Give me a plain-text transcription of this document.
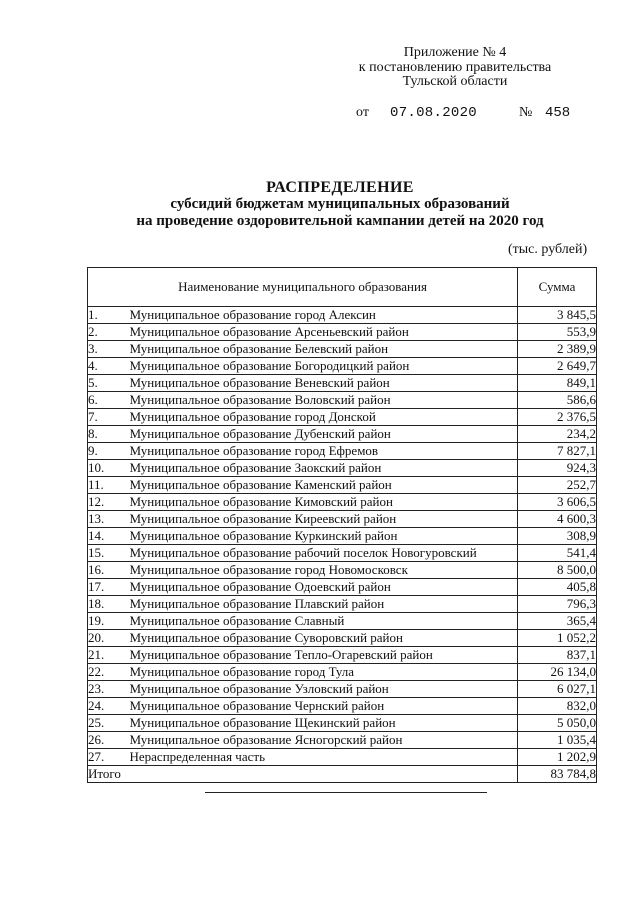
Приложение № 4
к постановлению правительства
Тульской области
от 07.08.2020	№ 458
РАСПРЕДЕЛЕНИЕ
субсидий бюджетам муниципальных образований
на проведение оздоровительной кампании детей на 2020 год
(тыс. рублей)
Наименование муниципального образования		Сумма
1.	Муниципальное образование город Алексин	3 845,5
2.	Муниципальное образование Арсеньевский район	553,9
3.	Муниципальное образование Белевский район	2 389,9
4.	Муниципальное образование Богородицкий район	2 649,7
5.	Муниципальное образование Веневский район	849,1
6.	Муниципальное образование Воловский район	586,6
7.	Муниципальное образование город Донской	2 376,5
8.	Муниципальное образование Дубенский район	234,2
9.	Муниципальное образование город Ефремов	7 827,1
10.	Муниципальное образование Заокский район	924,3
11.	Муниципальное образование Каменский район	252,7
12.	Муниципальное образование Кимовский район	3 606,5
13.	Муниципальное образование Киреевский район	4 600,3
14.	Муниципальное образование Куркинский район	308,9
15.	Муниципальное образование рабочий поселок Новогуровский	541,4
16.	Муниципальное образование город Новомосковск	8 500,0
17.	Муниципальное образование Одоевский район	405,8
18.	Муниципальное образование Плавский район	796,3
19.	Муниципальное образование Славный	365,4
20.	Муниципальное образование Суворовский район	1 052,2
21.	Муниципальное образование Тепло-Огаревский район	837,1
22.	Муниципальное образование город Тула	26 134,0
23.	Муниципальное образование Узловский район	6 027,1
24.	Муниципальное образование Чернский район	832,0
25.	Муниципальное образование Щекинский район	5 050,0
26.	Муниципальное образование Ясногорский район	1 035,4
27.	Нераспределенная часть	1 202,9
Итого		83 784,8
